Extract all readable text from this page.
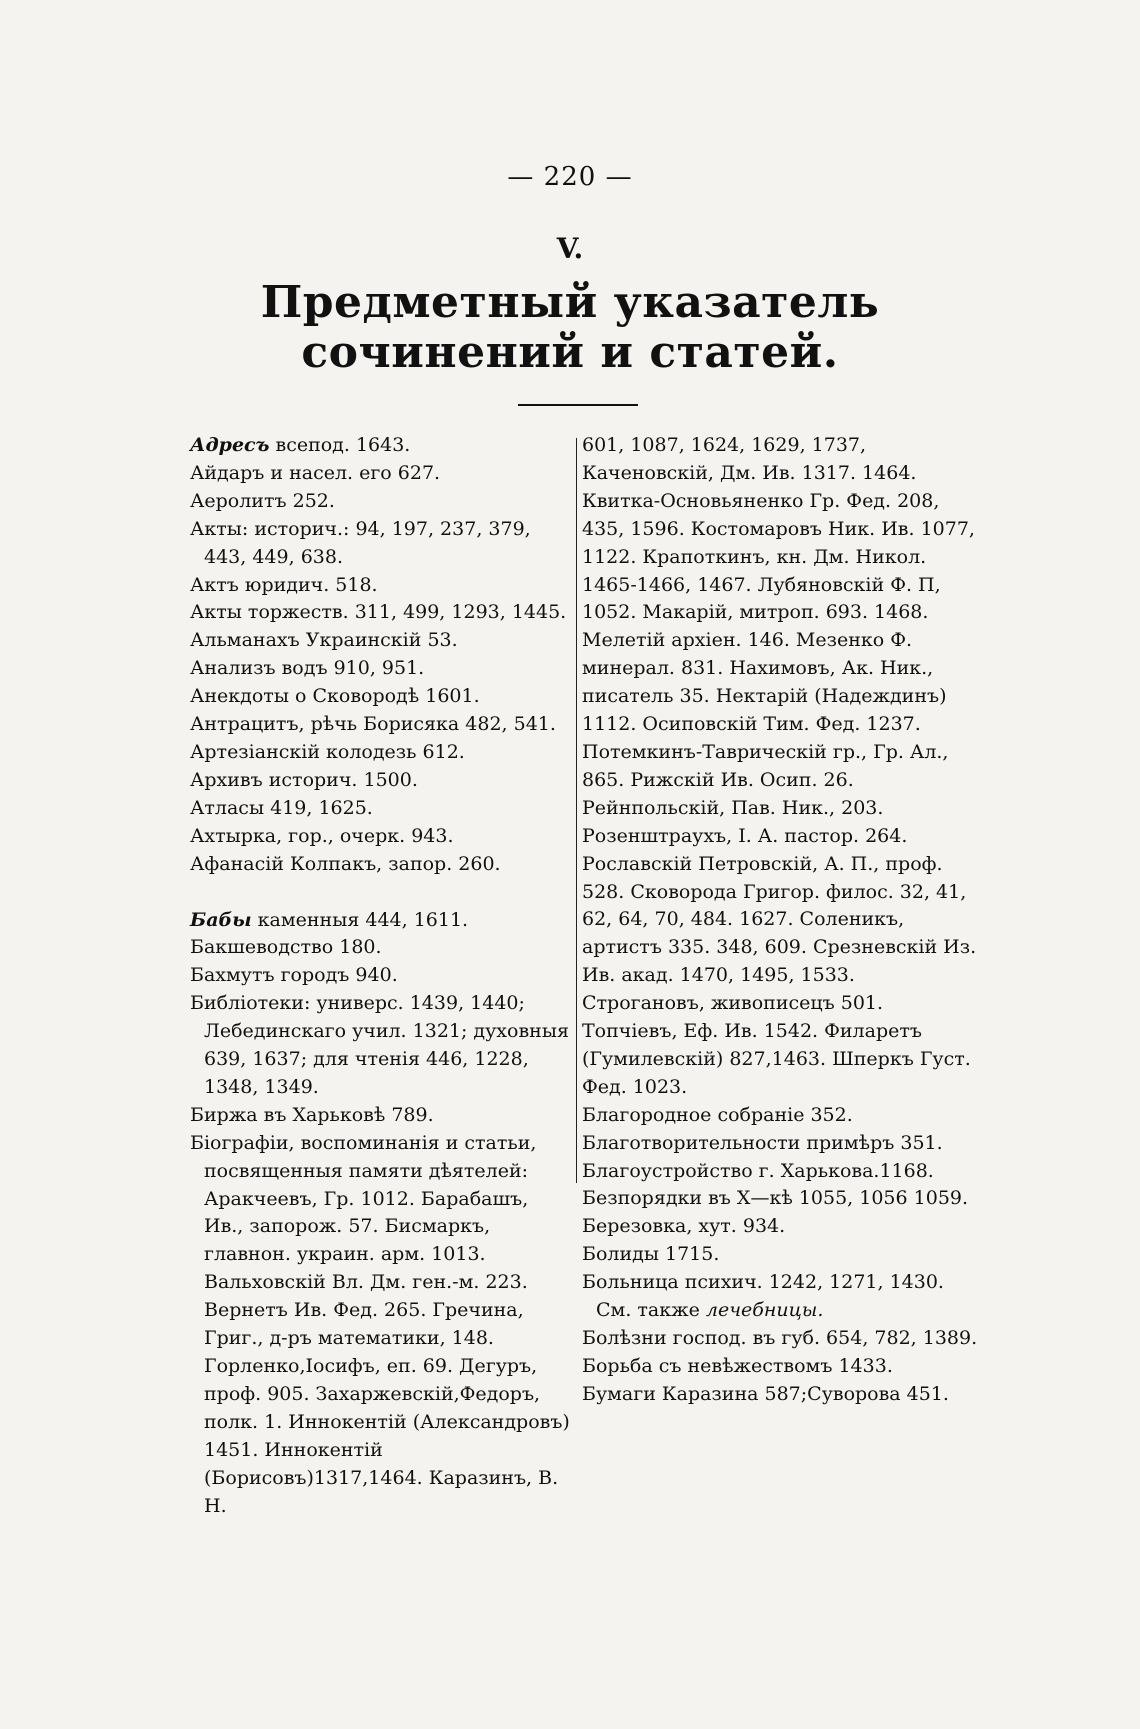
— 220 —
V.
Предметный указатель сочинений и статей.

Адресъ всепод. 1643.

Айдаръ и насел. его 627.

Аеролитъ 252.

Акты: историч.: 94, 197, 237, 379, 443, 449, 638.

Актъ юридич. 518.

Акты торжеств. 311, 499, 1293, 1445.

Альманахъ Украинскій 53.

Анализъ водъ 910, 951.

Анекдоты о Сковородѣ 1601.

Антрацитъ, рѣчь Борисяка 482, 541.

Артезіанскій колодезь 612.

Архивъ историч. 1500.

Атласы 419, 1625.

Ахтырка, гор., очерк. 943.

Афанасій Колпакъ, запор. 260.

Бабы каменныя 444, 1611.

Бакшеводство 180.

Бахмутъ городъ 940.

Библіотеки: универс. 1439, 1440; Лебединскаго учил. 1321; духовныя 639, 1637; для чтенія 446, 1228, 1348, 1349.

Биржа въ Харьковѣ 789.

Біографіи, воспоминанія и статьи, посвященныя памяти дѣятелей: Аракчеевъ, Гр. 1012. Барабашъ, Ив., запорож. 57. Бисмаркъ, главнон. украин. арм. 1013. Вальховскій Вл. Дм. ген.-м. 223. Вернетъ Ив. Фед. 265. Гречина, Григ., д-ръ математики, 148. Горленко,Іосифъ, еп. 69. Дегуръ, проф. 905. Захаржевскій,Федоръ, полк. 1. Иннокентій (Александровъ) 1451. Иннокентій (Борисовъ)1317,1464. Каразинъ, В. Н.

601, 1087, 1624, 1629, 1737, Каченовскій, Дм. Ив. 1317. 1464. Квитка-Основьяненко Гр. Фед. 208, 435, 1596. Костомаровъ Ник. Ив. 1077, 1122. Крапоткинъ, кн. Дм. Никол. 1465-1466, 1467. Лубяновскій Ф. П, 1052. Макарій, митроп. 693. 1468. Мелетій архіен. 146. Мезенко Ф. минерал. 831. Нахимовъ, Ак. Ник., писатель 35. Нектарій (Надеждинъ) 1112. Осиповскій Тим. Фед. 1237. Потемкинъ-Таврическій гр., Гр. Ал., 865. Рижскій Ив. Осип. 26. Рейнпольскій, Пав. Ник., 203. Розенштраухъ, І. А. пастор. 264. Рославскій Петровскій, А. П., проф. 528. Сковорода Григор. филос. 32, 41, 62, 64, 70, 484. 1627. Соленикъ, артистъ 335. 348, 609. Срезневскій Из. Ив. акад. 1470, 1495, 1533. Строгановъ, живописецъ 501. Топчіевъ, Еф. Ив. 1542. Филаретъ (Гумилевскій) 827,1463. Шперкъ Густ. Фед. 1023.

Благородное собраніе 352.

Благотворительности примѣръ 351.

Благоустройство г. Харькова.1168.

Безпорядки въ Х—кѣ 1055, 1056 1059.

Березовка, хут. 934.

Болиды 1715.

Больница психич. 1242, 1271, 1430. См. также лечебницы.

Болѣзни господ. въ губ. 654, 782, 1389.

Борьба съ невѣжествомъ 1433.

Бумаги Каразина 587;Суворова 451.
